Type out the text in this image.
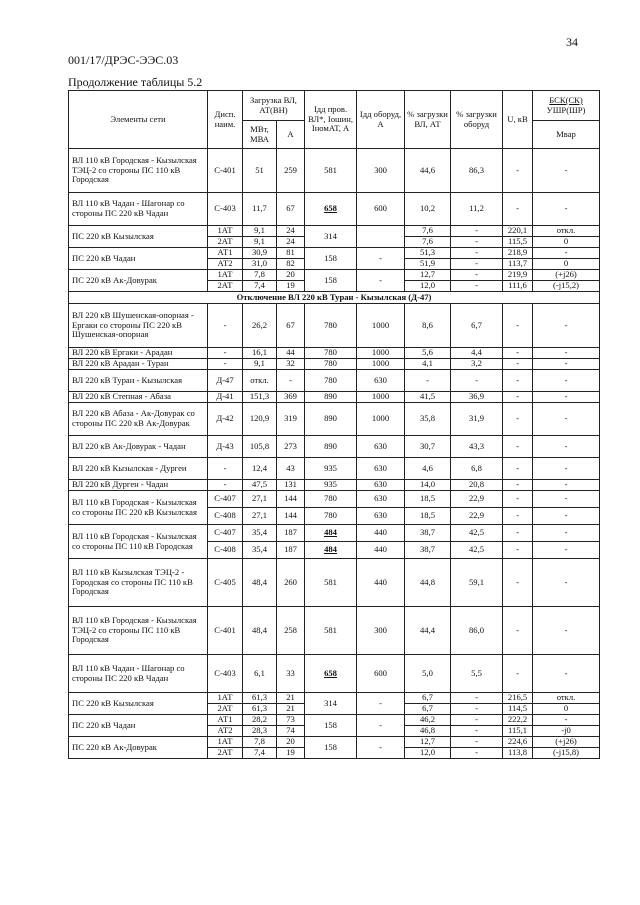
34
001/17/ДРЭС-ЭЭС.03
Продолжение таблицы 5.2
Элементы сети	Дисп. наим.	Загрузка ВЛ, АТ(ВН)		Iдд пров. ВЛ*, Iошин, IномАТ, А	Iдд оборуд, А	% загрузки ВЛ, АТ	% загрузки оборуд	U, кВ	БСК(СК)
УШР(ШР)
		МВт, МВА	А						Мвар
ВЛ 110 кВ Городская - Кызылская ТЭЦ-2 со стороны ПС 110 кВ Городская	С-401	51	259	581	300	44,6	86,3	-	-
ВЛ 110 кВ Чадан - Шагонар со стороны ПС 220 кВ Чадан	С-403	11,7	67	658	600	10,2	11,2	-	-
ПС 220 кВ Кызылская	1АТ	9,1	24	314		7,6	-	220,1	откл.
	2АТ	9,1	24			7,6	-	115,5	0
ПС 220 кВ Чадан	АТ1	30,9	81	158	-	51,3	-	218,9	-
	АТ2	31,0	82			51,9	-	113,7	0
ПС 220 кВ Ак-Довурак	1АТ	7,8	20	158	-	12,7	-	219,9	(+j26)
	2АТ	7,4	19			12,0	-	111,6	(-j15,2)
Отключение ВЛ 220 кВ Туран - Кызылская (Д-47)									
ВЛ 220 кВ Шушенская-опорная - Ергаки со стороны ПС 220 кВ Шушенская-опорная	-	26,2	67	780	1000	8,6	6,7	-	-
ВЛ 220 кВ Ергаки - Арадан	-	16,1	44	780	1000	5,6	4,4	-	-
ВЛ 220 кВ Арадан - Туран	-	9,1	32	780	1000	4,1	3,2	-	-
ВЛ 220 кВ Туран - Кызылская	Д-47	откл.	-	780	630	-	-	-	-
ВЛ 220 кВ Степная - Абаза	Д-41	151,3	369	890	1000	41,5	36,9	-	-
ВЛ 220 кВ Абаза - Ак-Довурак со стороны ПС 220 кВ Ак-Довурак	Д-42	120,9	319	890	1000	35,8	31,9	-	-
ВЛ 220 кВ Ак-Довурак - Чадан	Д-43	105,8	273	890	630	30,7	43,3	-	-
ВЛ 220 кВ Кызылская - Дургеи	-	12,4	43	935	630	4,6	6,8	-	-
ВЛ 220 кВ Дурген - Чадан	-	47,5	131	935	630	14,0	20,8	-	-
ВЛ 110 кВ Городская - Кызылская со стороны ПС 220 кВ Кызылская	С-407	27,1	144	780	630	18,5	22,9	-	-
	С-408	27,1	144	780	630	18,5	22,9	-	-
ВЛ 110 кВ Городская - Кызылская со стороны ПС 110 кВ Городская	С-407	35,4	187	484	440	38,7	42,5	-	-
	С-408	35,4	187	484	440	38,7	42,5	-	-
ВЛ 110 кВ Кызылская ТЭЦ-2 - Городская со стороны ПС 110 кВ Городская	С-405	48,4	260	581	440	44,8	59,1	-	-
ВЛ 110 кВ Городская - Кызылская ТЭЦ-2 со стороны ПС 110 кВ Городская	С-401	48,4	258	581	300	44,4	86,0	-	-
ВЛ 110 кВ Чадан - Шагонар со стороны ПС 220 кВ Чадан	С-403	6,1	33	658	600	5,0	5,5	-	-
ПС 220 кВ Кызылская	1АТ	61,3	21	314	-	6,7	-	216,5	откл.
	2АТ	61,3	21			6,7	-	114,5	0
ПС 220 кВ Чадан	АТ1	28,2	73	158	-	46,2	-	222,2	-
	АТ2	28,3	74			46,8	-	115,1	-j0
ПС 220 кВ Ак-Довурак	1АТ	7,8	20	158	-	12,7	-	224,6	(+j26)
	2АТ	7,4	19			12,0	-	113,8	(-j15,8)
